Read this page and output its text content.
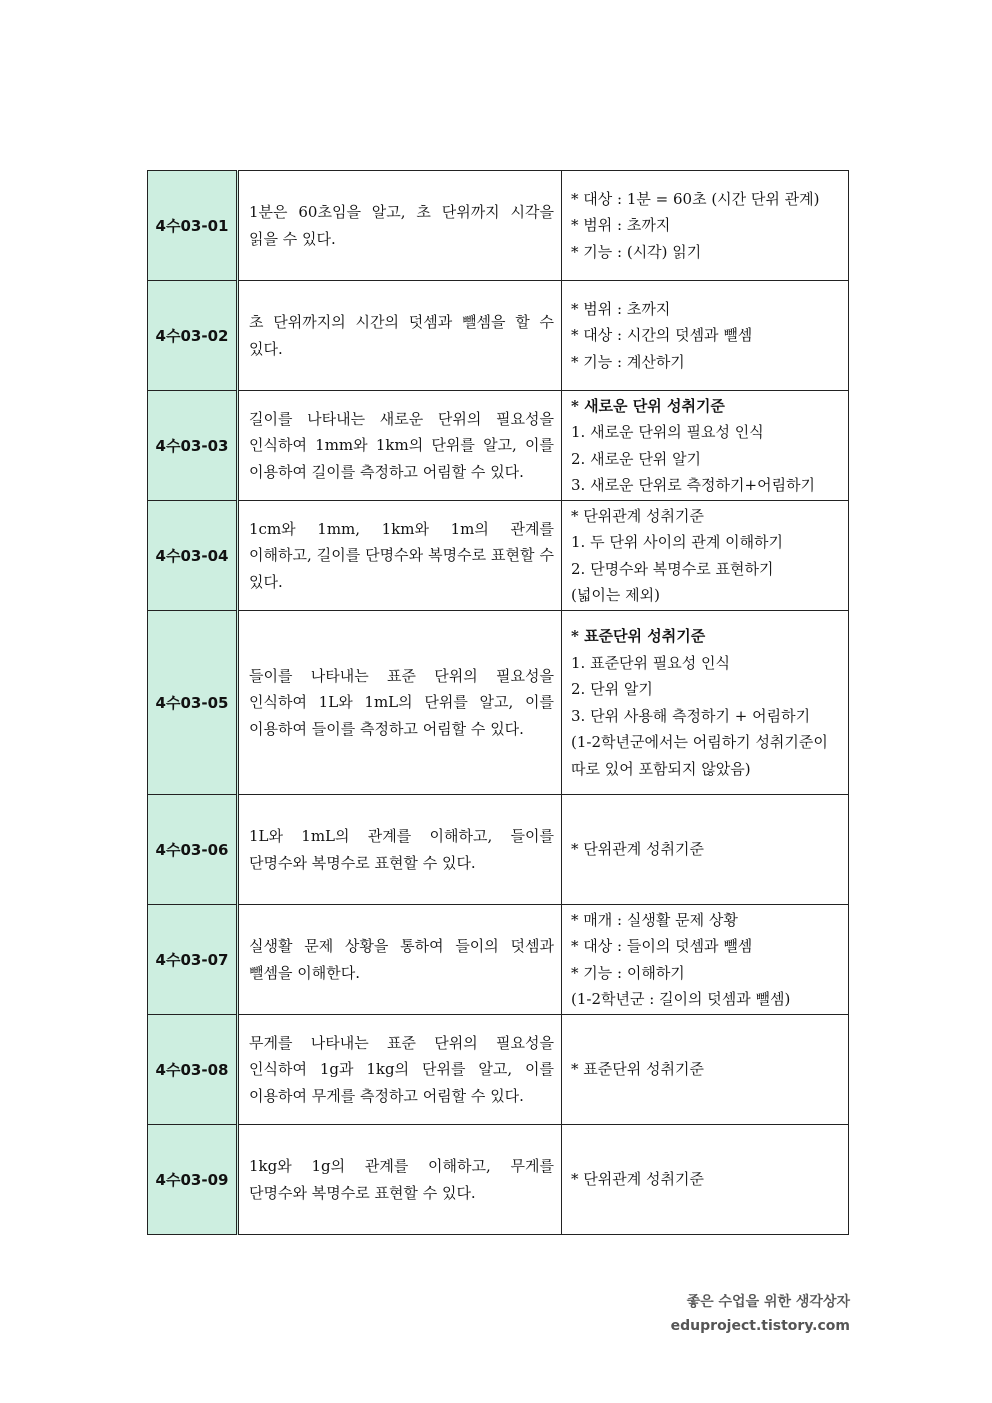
4수03-01	1분은 60초임을 알고, 초 단위까지 시각을 읽을 수 있다.	* 대상 : 1분 = 60초 (시간 단위 관계)
* 범위 : 초까지
* 기능 : (시각) 읽기

4수03-02	초 단위까지의 시간의 덧셈과 뺄셈을 할 수 있다.	* 범위 : 초까지
* 대상 : 시간의 덧셈과 뺄셈
* 기능 : 계산하기

4수03-03	길이를 나타내는 새로운 단위의 필요성을 인식하여 1mm와 1km의 단위를 알고, 이를 이용하여 길이를 측정하고 어림할 수 있다.	* 새로운 단위 성취기준
1. 새로운 단위의 필요성 인식
2. 새로운 단위 알기
3. 새로운 단위로 측정하기+어림하기

4수03-04	1cm와 1mm, 1km와 1m의 관계를 이해하고, 길이를 단명수와 복명수로 표현할 수 있다.	* 단위관계 성취기준
1. 두 단위 사이의 관계 이해하기
2. 단명수와 복명수로 표현하기
(넓이는 제외)

4수03-05	들이를 나타내는 표준 단위의 필요성을 인식하여 1L와 1mL의 단위를 알고, 이를 이용하여 들이를 측정하고 어림할 수 있다.	* 표준단위 성취기준
1. 표준단위 필요성 인식
2. 단위 알기
3. 단위 사용해 측정하기 + 어림하기
(1-2학년군에서는 어림하기 성취기준이 따로 있어 포함되지 않았음)

4수03-06	1L와 1mL의 관계를 이해하고, 들이를 단명수와 복명수로 표현할 수 있다.	* 단위관계 성취기준

4수03-07	실생활 문제 상황을 통하여 들이의 덧셈과 뺄셈을 이해한다.	* 매개 : 실생활 문제 상황
* 대상 : 들이의 덧셈과 뺄셈
* 기능 : 이해하기
(1-2학년군 : 길이의 덧셈과 뺄셈)

4수03-08	무게를 나타내는 표준 단위의 필요성을 인식하여 1g과 1kg의 단위를 알고, 이를 이용하여 무게를 측정하고 어림할 수 있다.	* 표준단위 성취기준

4수03-09	1kg와 1g의 관계를 이해하고, 무게를 단명수와 복명수로 표현할 수 있다.	* 단위관계 성취기준
좋은 수업을 위한 생각상자
eduproject.tistory.com
